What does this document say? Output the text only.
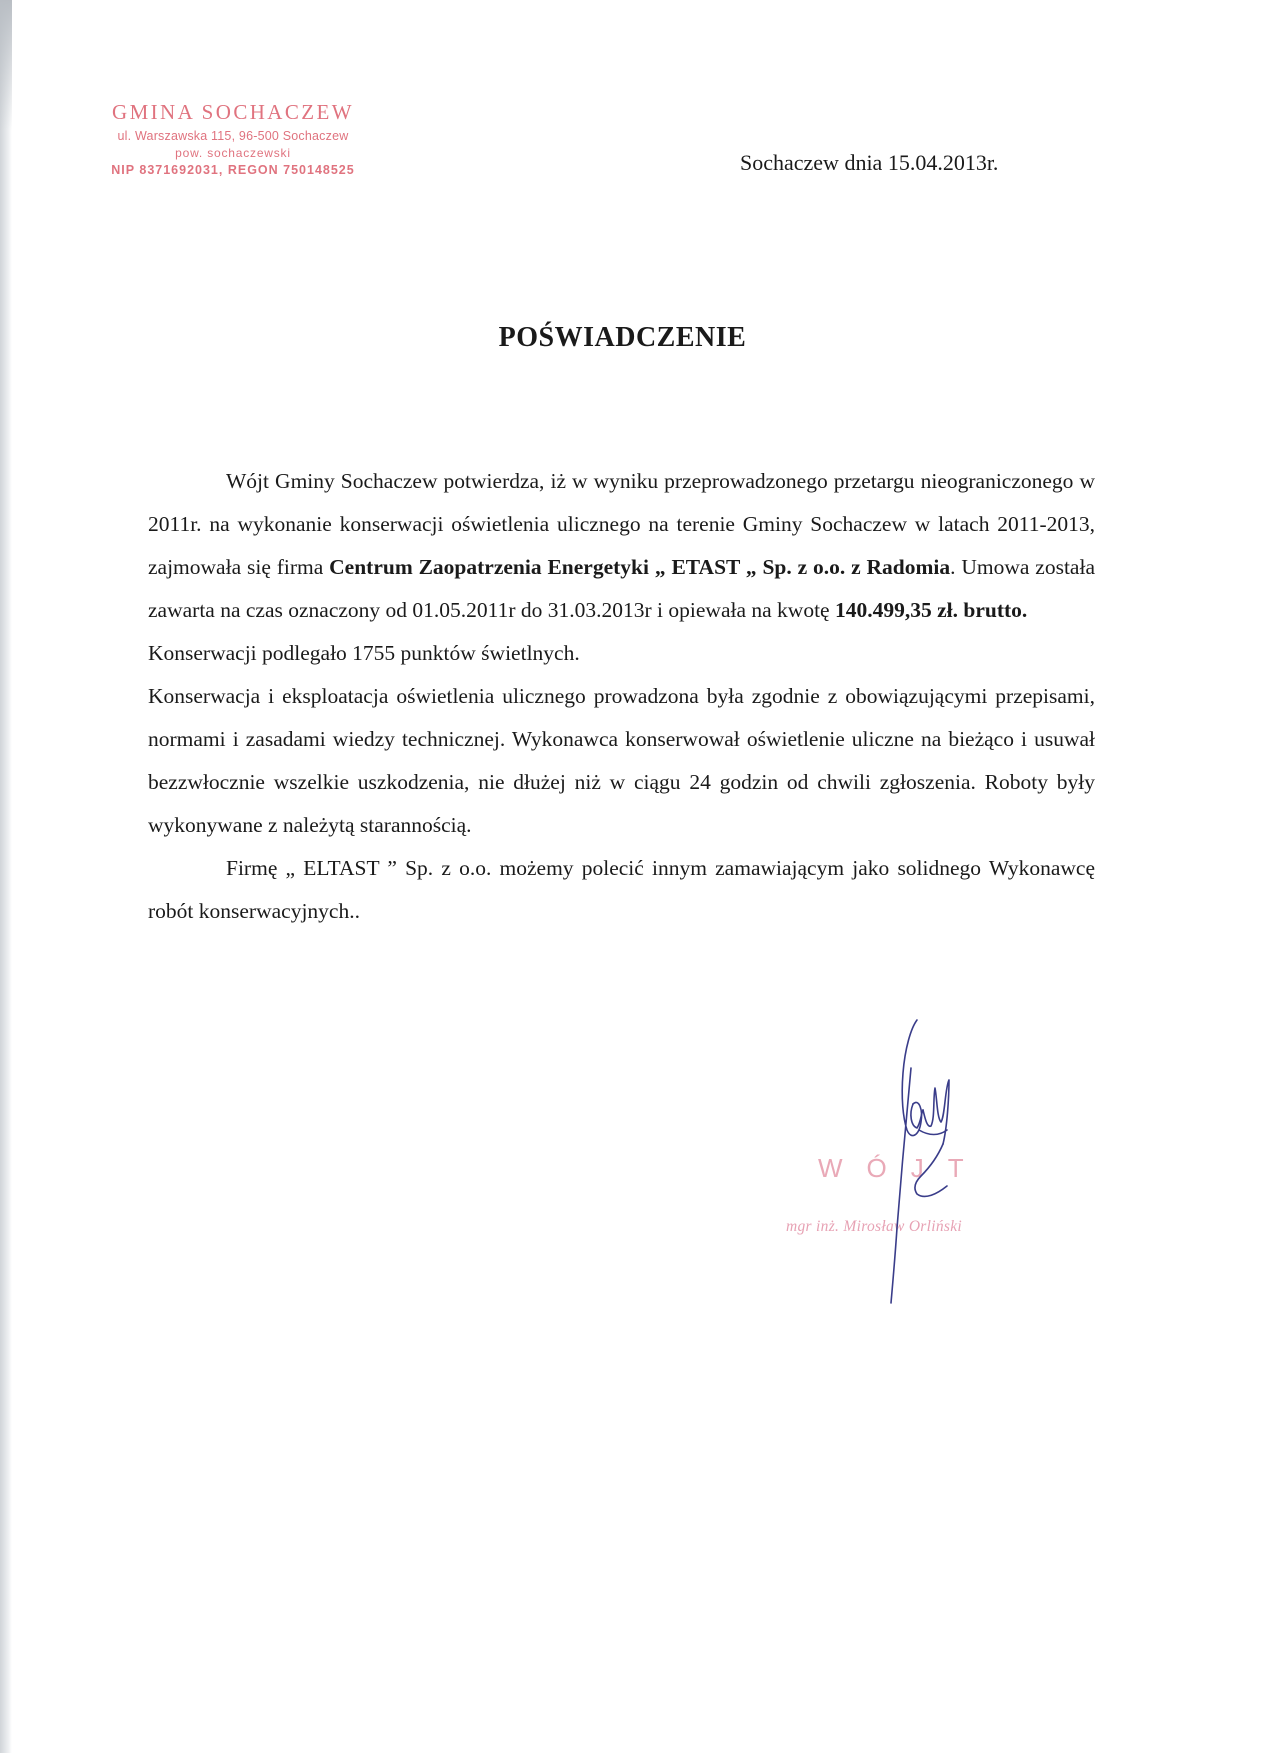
GMINA SOCHACZEW
ul. Warszawska 115, 96-500 Sochaczew
pow. sochaczewski
NIP 8371692031, REGON 750148525	Sochaczew dnia 15.04.2013r.
POŚWIADCZENIE

Wójt Gminy Sochaczew potwierdza, iż w wyniku przeprowadzonego przetargu nieograniczonego w 2011r. na wykonanie konserwacji oświetlenia ulicznego na terenie Gminy Sochaczew w latach 2011-2013, zajmowała się firma Centrum Zaopatrzenia Energetyki „ ETAST „ Sp. z o.o. z Radomia. Umowa została zawarta na czas oznaczony od 01.05.2011r do 31.03.2013r i opiewała na kwotę 140.499,35 zł. brutto.

Konserwacji podlegało 1755 punktów świetlnych.

Konserwacja i eksploatacja oświetlenia ulicznego prowadzona była zgodnie z obowiązującymi przepisami, normami i zasadami wiedzy technicznej. Wykonawca konserwował oświetlenie uliczne na bieżąco i usuwał bezzwłocznie wszelkie uszkodzenia, nie dłużej niż w ciągu 24 godzin od chwili zgłoszenia. Roboty były wykonywane z należytą starannością.

Firmę „ ELTAST ” Sp. z o.o. możemy polecić innym zamawiającym jako solidnego Wykonawcę robót konserwacyjnych..

WÓJT
mgr inż. Mirosław Orliński
